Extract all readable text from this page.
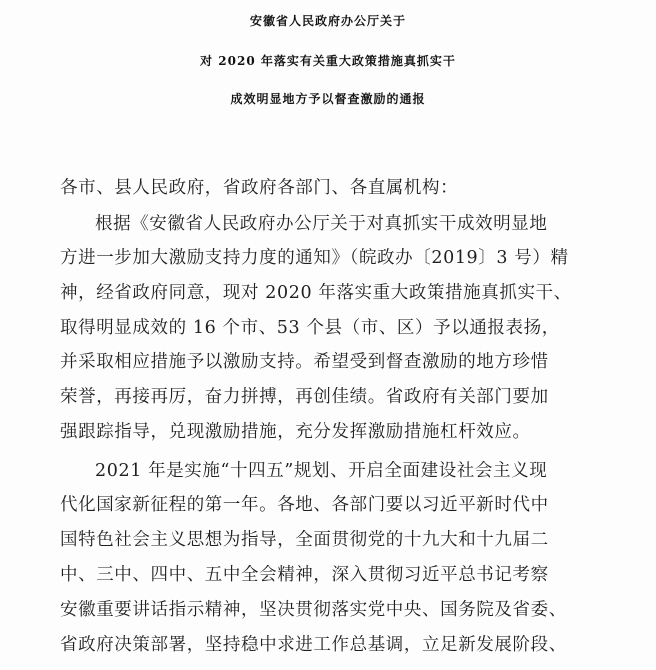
安徽省人民政府办公厅关于
对 2020 年落实有关重大政策措施真抓实干
成效明显地方予以督查激励的通报
各市、县人民政府，省政府各部门、各直属机构：
根据《安徽省人民政府办公厅关于对真抓实干成效明显地
方进一步加大激励支持力度的通知》（皖政办〔2019〕3 号）精
神，经省政府同意，现对 2020 年落实重大政策措施真抓实干、
取得明显成效的 16 个市、53 个县（市、区）予以通报表扬，
并采取相应措施予以激励支持。希望受到督查激励的地方珍惜
荣誉，再接再厉，奋力拼搏，再创佳绩。省政府有关部门要加
强跟踪指导，兑现激励措施，充分发挥激励措施杠杆效应。
2021 年是实施“十四五”规划、开启全面建设社会主义现
代化国家新征程的第一年。各地、各部门要以习近平新时代中
国特色社会主义思想为指导，全面贯彻党的十九大和十九届二
中、三中、四中、五中全会精神，深入贯彻习近平总书记考察
安徽重要讲话指示精神，坚决贯彻落实党中央、国务院及省委、
省政府决策部署，坚持稳中求进工作总基调，立足新发展阶段、
